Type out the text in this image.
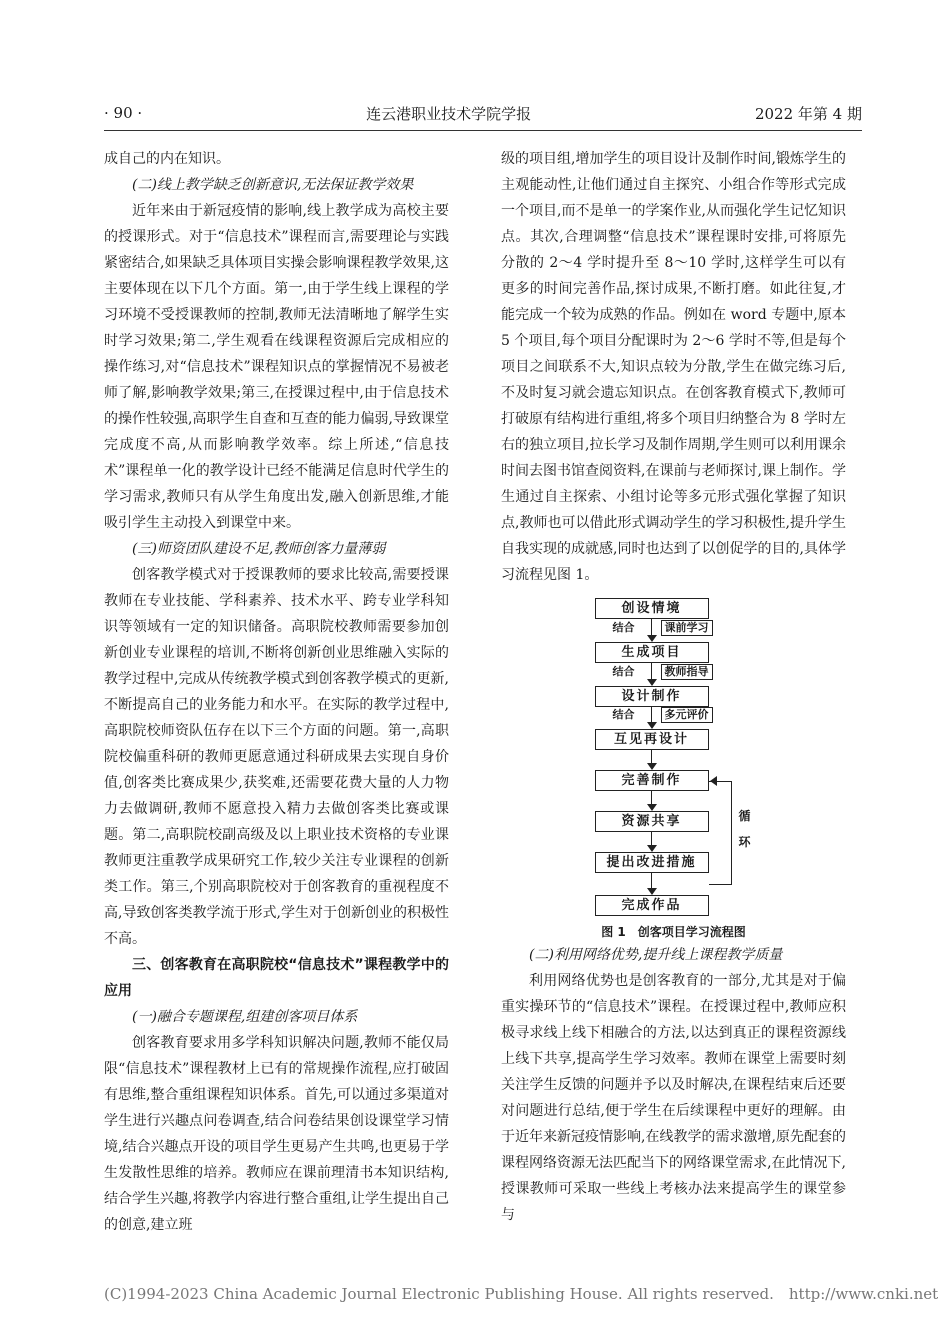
· 90 ·	连云港职业技术学院学报	2022 年第 4 期

成自己的内在知识。

(二)线上教学缺乏创新意识,无法保证教学效果

近年来由于新冠疫情的影响,线上教学成为高校主要的授课形式。对于“信息技术”课程而言,需要理论与实践紧密结合,如果缺乏具体项目实操会影响课程教学效果,这主要体现在以下几个方面。第一,由于学生线上课程的学习环境不受授课教师的控制,教师无法清晰地了解学生实时学习效果;第二,学生观看在线课程资源后完成相应的操作练习,对“信息技术”课程知识点的掌握情况不易被老师了解,影响教学效果;第三,在授课过程中,由于信息技术的操作性较强,高职学生自查和互查的能力偏弱,导致课堂完成度不高,从而影响教学效率。综上所述,“信息技术”课程单一化的教学设计已经不能满足信息时代学生的学习需求,教师只有从学生角度出发,融入创新思维,才能吸引学生主动投入到课堂中来。

(三)师资团队建设不足,教师创客力量薄弱

创客教学模式对于授课教师的要求比较高,需要授课教师在专业技能、学科素养、技术水平、跨专业学科知识等领域有一定的知识储备。高职院校教师需要参加创新创业专业课程的培训,不断将创新创业思维融入实际的教学过程中,完成从传统教学模式到创客教学模式的更新,不断提高自己的业务能力和水平。在实际的教学过程中,高职院校师资队伍存在以下三个方面的问题。第一,高职院校偏重科研的教师更愿意通过科研成果去实现自身价值,创客类比赛成果少,获奖难,还需要花费大量的人力物力去做调研,教师不愿意投入精力去做创客类比赛或课题。第二,高职院校副高级及以上职业技术资格的专业课教师更注重教学成果研究工作,较少关注专业课程的创新类工作。第三,个别高职院校对于创客教育的重视程度不高,导致创客类教学流于形式,学生对于创新创业的积极性不高。

三、创客教育在高职院校“信息技术”课程教学中的应用

(一)融合专题课程,组建创客项目体系

创客教育要求用多学科知识解决问题,教师不能仅局限“信息技术”课程教材上已有的常规操作流程,应打破固有思维,整合重组课程知识体系。首先,可以通过多渠道对学生进行兴趣点问卷调查,结合问卷结果创设课堂学习情境,结合兴趣点开设的项目学生更易产生共鸣,也更易于学生发散性思维的培养。教师应在课前理清书本知识结构,结合学生兴趣,将教学内容进行整合重组,让学生提出自己的创意,建立班

级的项目组,增加学生的项目设计及制作时间,锻炼学生的主观能动性,让他们通过自主探究、小组合作等形式完成一个项目,而不是单一的学案作业,从而强化学生记忆知识点。其次,合理调整“信息技术”课程课时安排,可将原先分散的 2～4 学时提升至 8～10 学时,这样学生可以有更多的时间完善作品,探讨成果,不断打磨。如此往复,才能完成一个较为成熟的作品。例如在 word 专题中,原本 5 个项目,每个项目分配课时为 2～6 学时不等,但是每个项目之间联系不大,知识点较为分散,学生在做完练习后,不及时复习就会遗忘知识点。在创客教育模式下,教师可打破原有结构进行重组,将多个项目归纳整合为 8 学时左右的独立项目,拉长学习及制作周期,学生则可以利用课余时间去图书馆查阅资料,在课前与老师探讨,课上制作。学生通过自主探索、小组讨论等多元形式强化掌握了知识点,教师也可以借此形式调动学生的学习积极性,提升学生自我实现的成就感,同时也达到了以创促学的目的,具体学习流程见图 1。

创设情境
生成项目
设计制作
互见再设计
完善制作
资源共享
提出改进措施
完成作品
结合	课前学习
结合	教师指导
结合	多元评价
循环
图 1　创客项目学习流程图

(二)利用网络优势,提升线上课程教学质量

利用网络优势也是创客教育的一部分,尤其是对于偏重实操环节的“信息技术”课程。在授课过程中,教师应积极寻求线上线下相融合的方法,以达到真正的课程资源线上线下共享,提高学生学习效率。教师在课堂上需要时刻关注学生反馈的问题并予以及时解决,在课程结束后还要对问题进行总结,便于学生在后续课程中更好的理解。由于近年来新冠疫情影响,在线教学的需求激增,原先配套的课程网络资源无法匹配当下的网络课堂需求,在此情况下,授课教师可采取一些线上考核办法来提高学生的课堂参与

(C)1994-2023 China Academic Journal Electronic Publishing House. All rights reserved.　http://www.cnki.net
